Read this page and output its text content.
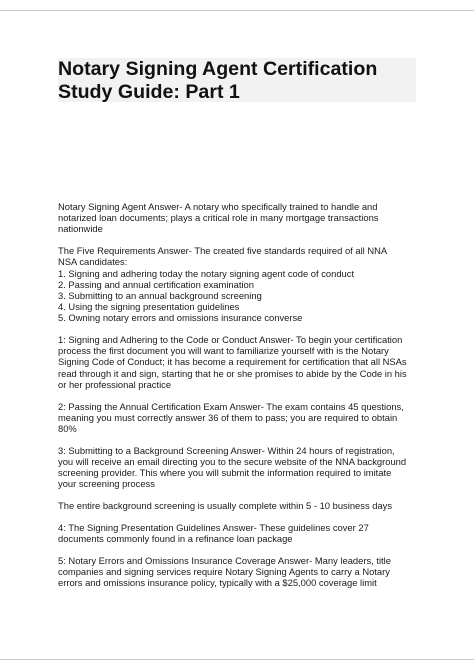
Notary Signing Agent Certification
Study Guide: Part 1

Notary Signing Agent Answer- A notary who specifically trained to handle and
notarized loan documents; plays a critical role in many mortgage transactions
nationwide

The Five Requirements Answer- The created five standards required of all NNA
NSA candidates:
1. Signing and adhering today the notary signing agent code of conduct
2. Passing and annual certification examination
3. Submitting to an annual background screening
4. Using the signing presentation guidelines
5. Owning notary errors and omissions insurance converse

1: Signing and Adhering to the Code or Conduct Answer- To begin your certification
process the first document you will want to familiarize yourself with is the Notary
Signing Code of Conduct; it has become a requirement for certification that all NSAs
read through it and sign, starting that he or she promises to abide by the Code in his
or her professional practice

2: Passing the Annual Certification Exam Answer- The exam contains 45 questions,
meaning you must correctly answer 36 of them to pass; you are required to obtain
80%

3: Submitting to a Background Screening Answer- Within 24 hours of registration,
you will receive an email directing you to the secure website of the NNA background
screening provider. This where you will submit the information required to imitate
your screening process

The entire background screening is usually complete within 5 - 10 business days

4: The Signing Presentation Guidelines Answer- These guidelines cover 27
documents commonly found in a refinance loan package

5: Notary Errors and Omissions Insurance Coverage Answer- Many leaders, title
companies and signing services require Notary Signing Agents to carry a Notary
errors and omissions insurance policy, typically with a $25,000 coverage limit
